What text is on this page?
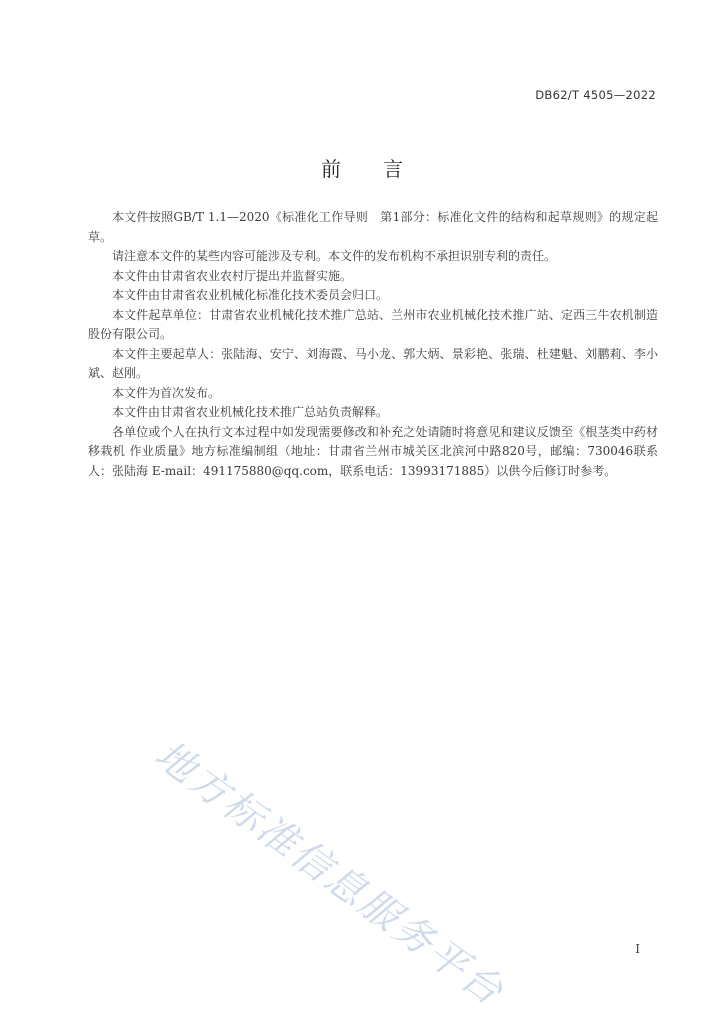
DB62/T 4505—2022
前言

本文件按照GB/T 1.1—2020《标准化工作导则　第1部分：标准化文件的结构和起草规则》的规定起草。

请注意本文件的某些内容可能涉及专利。本文件的发布机构不承担识别专利的责任。

本文件由甘肃省农业农村厅提出并监督实施。

本文件由甘肃省农业机械化标准化技术委员会归口。

本文件起草单位：甘肃省农业机械化技术推广总站、兰州市农业机械化技术推广站、定西三牛农机制造股份有限公司。

本文件主要起草人：张陆海、安宁、刘海霞、马小龙、郭大炳、景彩艳、张瑞、杜建魁、刘鹏莉、李小斌、赵刚。

本文件为首次发布。

本文件由甘肃省农业机械化技术推广总站负责解释。

各单位或个人在执行文本过程中如发现需要修改和补充之处请随时将意见和建议反馈至《根茎类中药材移栽机 作业质量》地方标准编制组（地址：甘肃省兰州市城关区北滨河中路820号，邮编：730046联系人：张陆海 E-mail：491175880@qq.com，联系电话：13993171885）以供今后修订时参考。

地方标准信息服务平台	I
